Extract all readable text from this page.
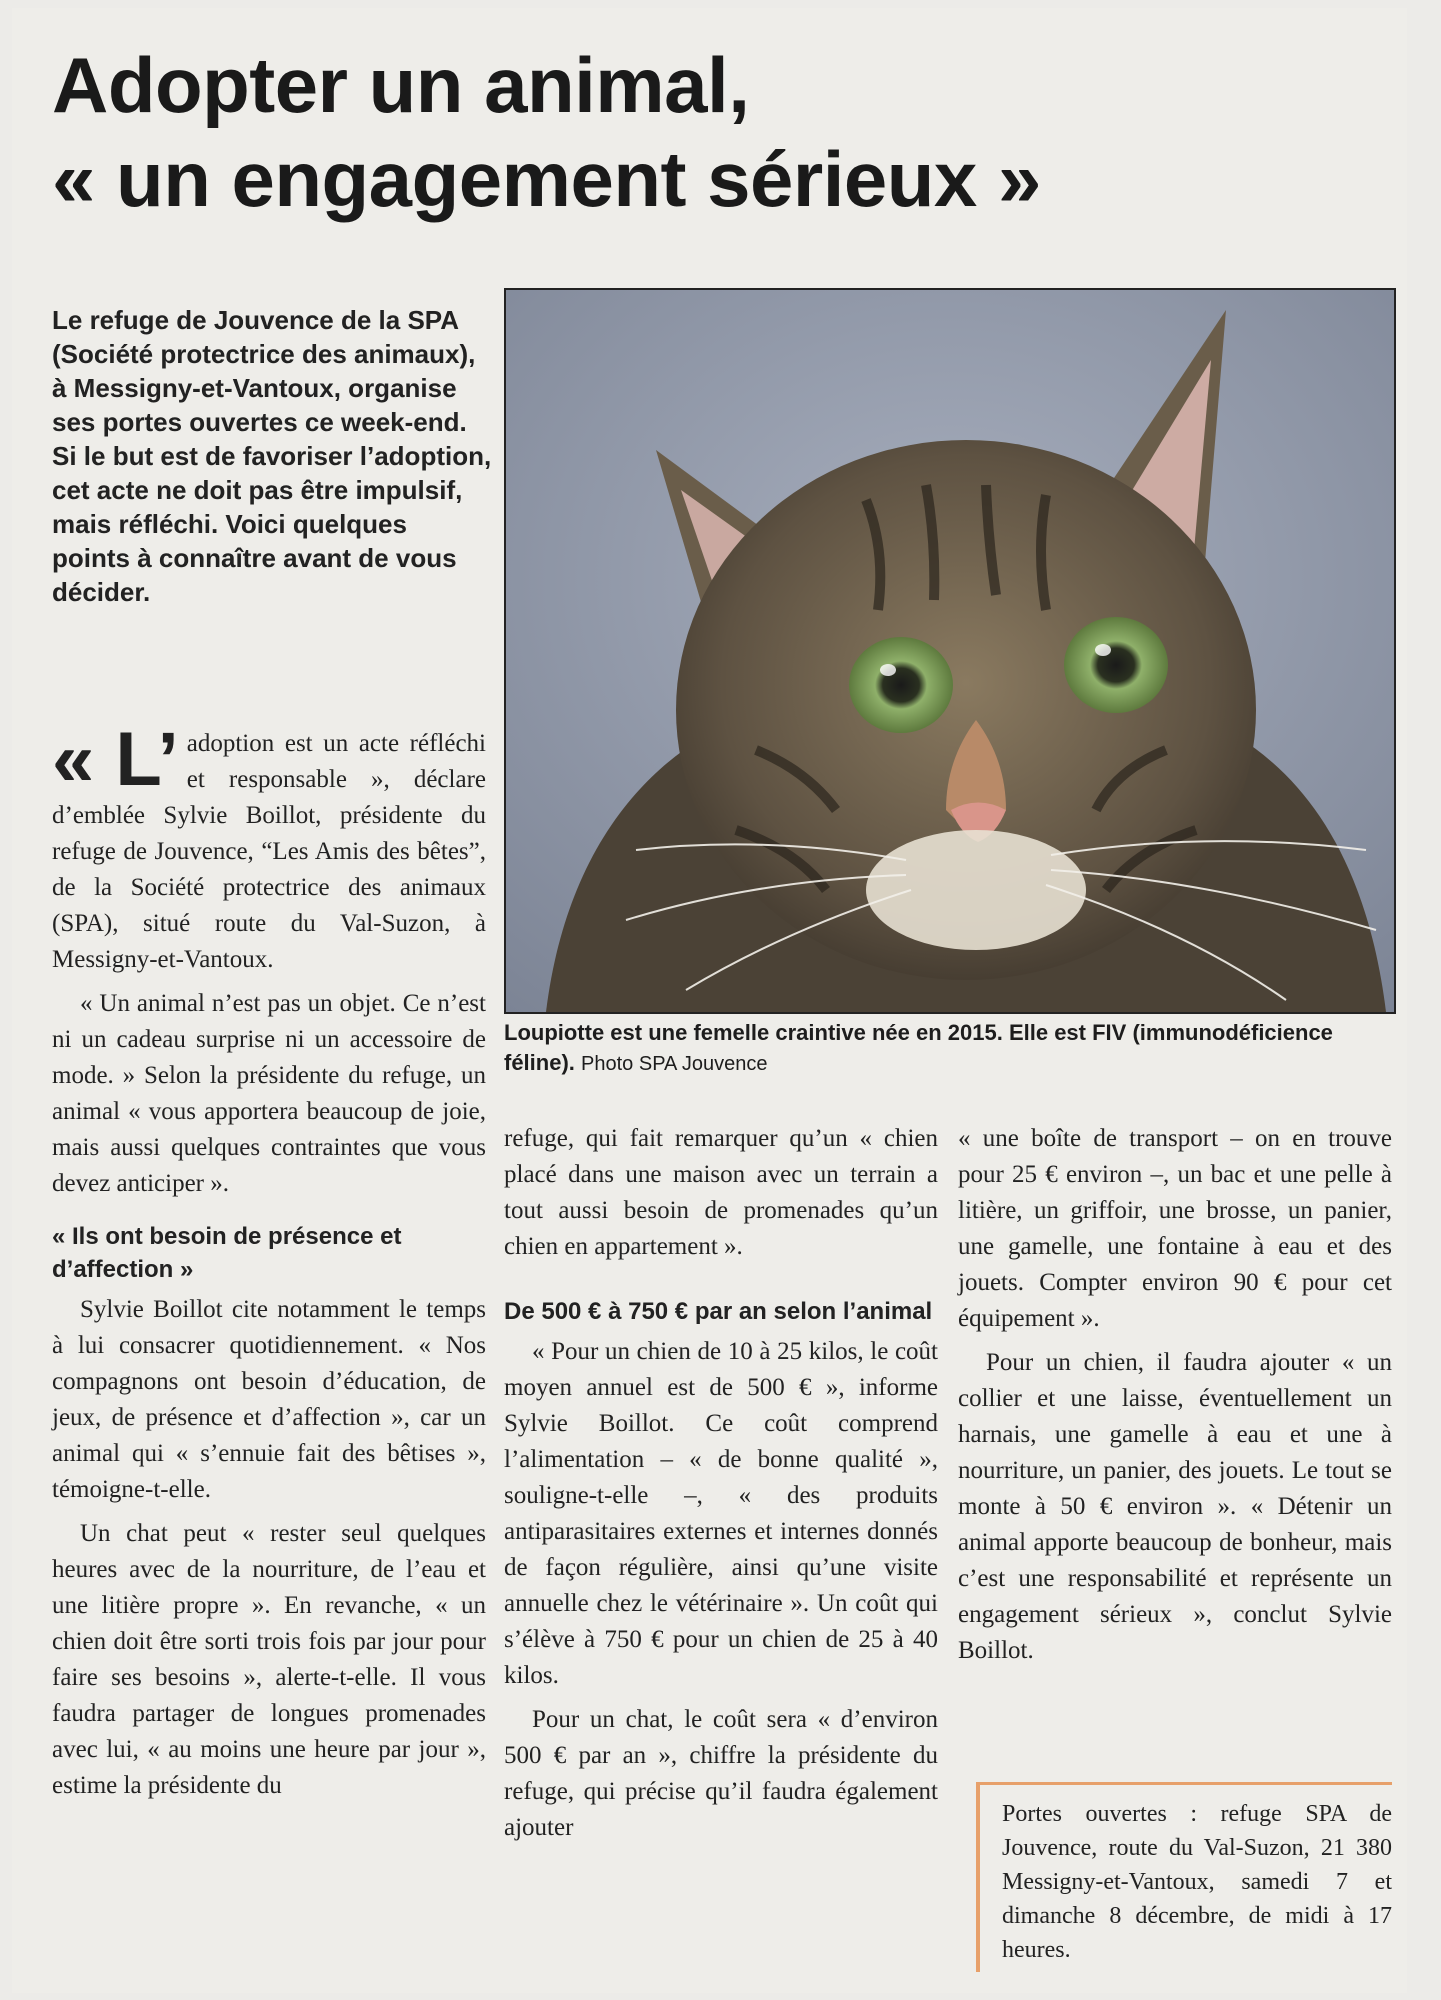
Adopter un animal,
« un engagement sérieux »

Le refuge de Jouvence de la SPA (Société protectrice des animaux), à Messigny-et-Vantoux, organise ses portes ouvertes ce week-end. Si le but est de favoriser l’adoption, cet acte ne doit pas être impulsif, mais réfléchi. Voici quelques points à connaître avant de vous décider.

Loupiotte est une femelle craintive née en 2015. Elle est FIV (immunodéficience féline). Photo SPA Jouvence

« L’ adoption est un acte réfléchi et responsable », déclare d’emblée Sylvie Boillot, présidente du refuge de Jouvence, “Les Amis des bêtes”, de la Société protectrice des animaux (SPA), situé route du Val-Suzon, à Messigny-et-Vantoux.

« Un animal n’est pas un objet. Ce n’est ni un cadeau surprise ni un accessoire de mode. » Selon la présidente du refuge, un animal « vous apportera beaucoup de joie, mais aussi quelques contraintes que vous devez anticiper ».

« Ils ont besoin de présence et d’affection »

Sylvie Boillot cite notamment le temps à lui consacrer quotidiennement. « Nos compagnons ont besoin d’éducation, de jeux, de présence et d’affection », car un animal qui « s’ennuie fait des bêtises », témoigne-t-elle.

Un chat peut « rester seul quelques heures avec de la nourriture, de l’eau et une litière propre ». En revanche, « un chien doit être sorti trois fois par jour pour faire ses besoins », alerte-t-elle. Il vous faudra partager de longues promenades avec lui, « au moins une heure par jour », estime la présidente du

refuge, qui fait remarquer qu’un « chien placé dans une maison avec un terrain a tout aussi besoin de promenades qu’un chien en appartement ».

De 500 € à 750 € par an selon l’animal

« Pour un chien de 10 à 25 kilos, le coût moyen annuel est de 500 € », informe Sylvie Boillot. Ce coût comprend l’alimentation – « de bonne qualité », souligne-t-elle –, « des produits antiparasitaires externes et internes donnés de façon régulière, ainsi qu’une visite annuelle chez le vétérinaire ». Un coût qui s’élève à 750 € pour un chien de 25 à 40 kilos.

Pour un chat, le coût sera « d’environ 500 € par an », chiffre la présidente du refuge, qui précise qu’il faudra également ajouter

« une boîte de transport – on en trouve pour 25 € environ –, un bac et une pelle à litière, un griffoir, une brosse, un panier, une gamelle, une fontaine à eau et des jouets. Compter environ 90 € pour cet équipement ».

Pour un chien, il faudra ajouter « un collier et une laisse, éventuellement un harnais, une gamelle à eau et une à nourriture, un panier, des jouets. Le tout se monte à 50 € environ ». « Détenir un animal apporte beaucoup de bonheur, mais c’est une responsabilité et représente un engagement sérieux », conclut Sylvie Boillot.

Portes ouvertes : refuge SPA de Jouvence, route du Val-Suzon, 21 380 Messigny-et-Vantoux, samedi 7 et dimanche 8 décembre, de midi à 17 heures.
